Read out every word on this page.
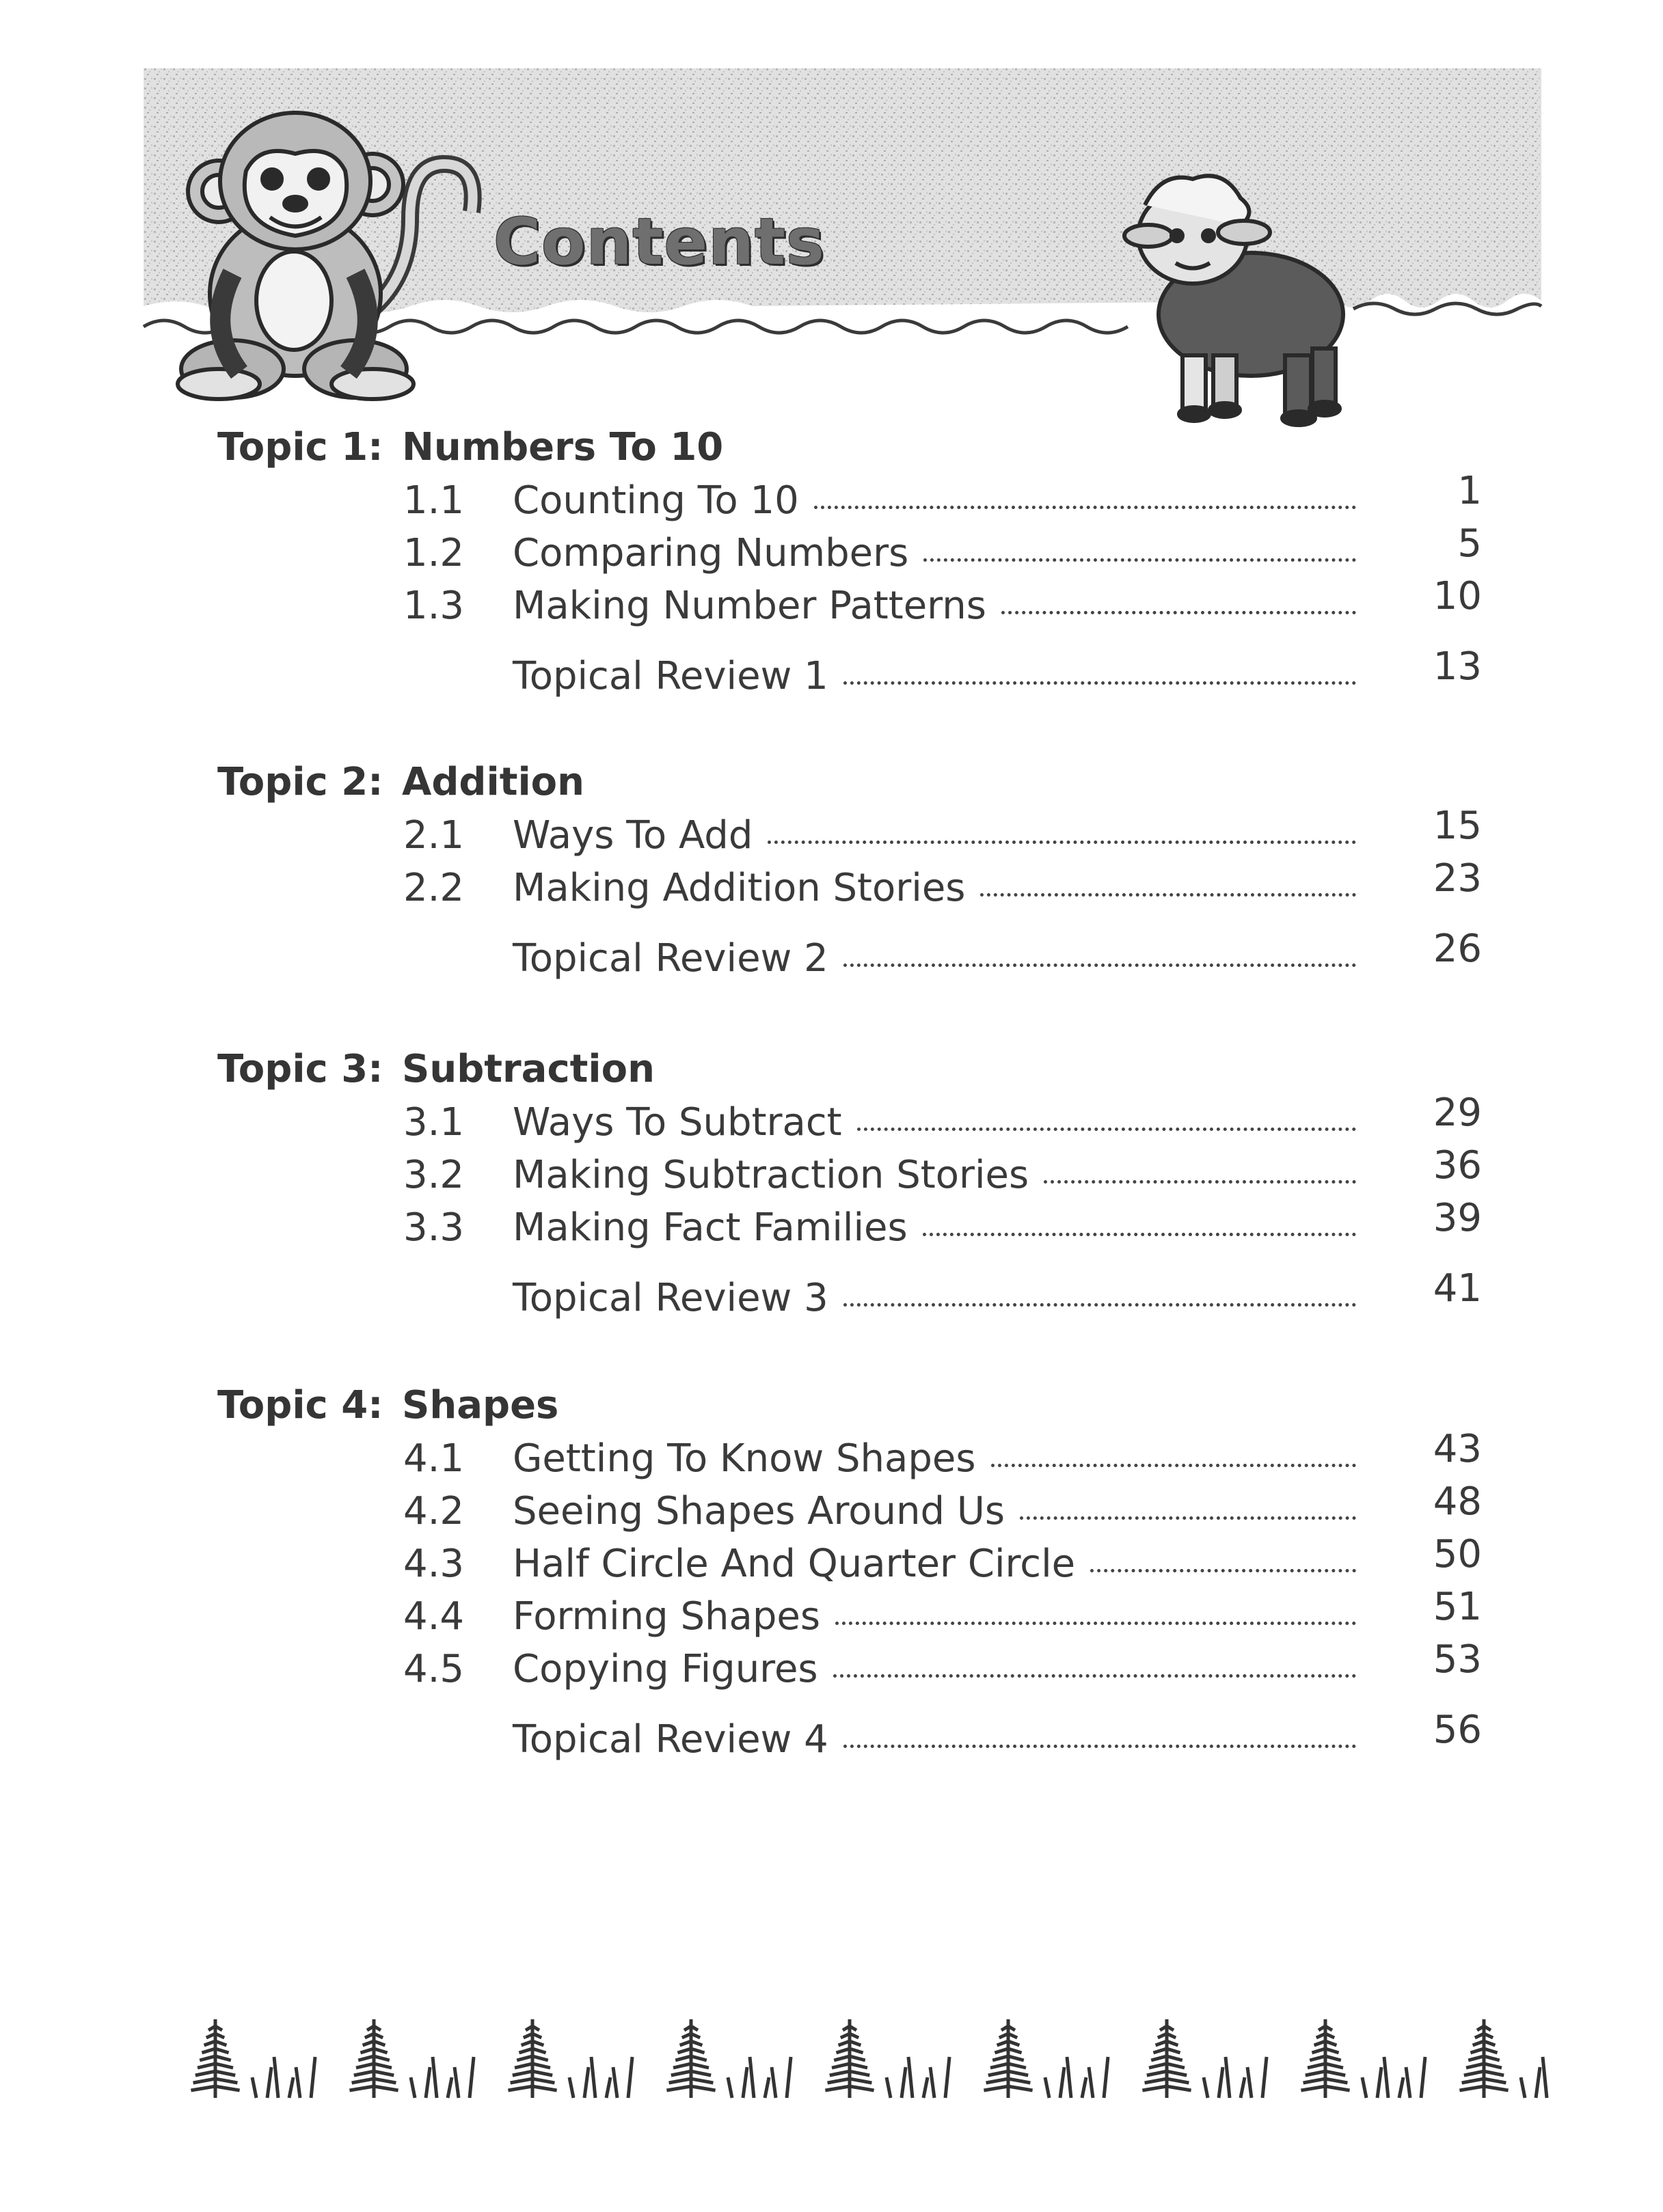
Contents
Topic 1: Numbers To 10
1.1 Counting To 10	1
1.2 Comparing Numbers	5
1.3 Making Number Patterns	10
Topical Review 1	13
Topic 2: Addition
2.1 Ways To Add	15
2.2 Making Addition Stories	23
Topical Review 2	26
Topic 3: Subtraction
3.1 Ways To Subtract	29
3.2 Making Subtraction Stories	36
3.3 Making Fact Families	39
Topical Review 3	41
Topic 4: Shapes
4.1 Getting To Know Shapes	43
4.2 Seeing Shapes Around Us	48
4.3 Half Circle And Quarter Circle	50
4.4 Forming Shapes	51
4.5 Copying Figures	53
Topical Review 4	56
